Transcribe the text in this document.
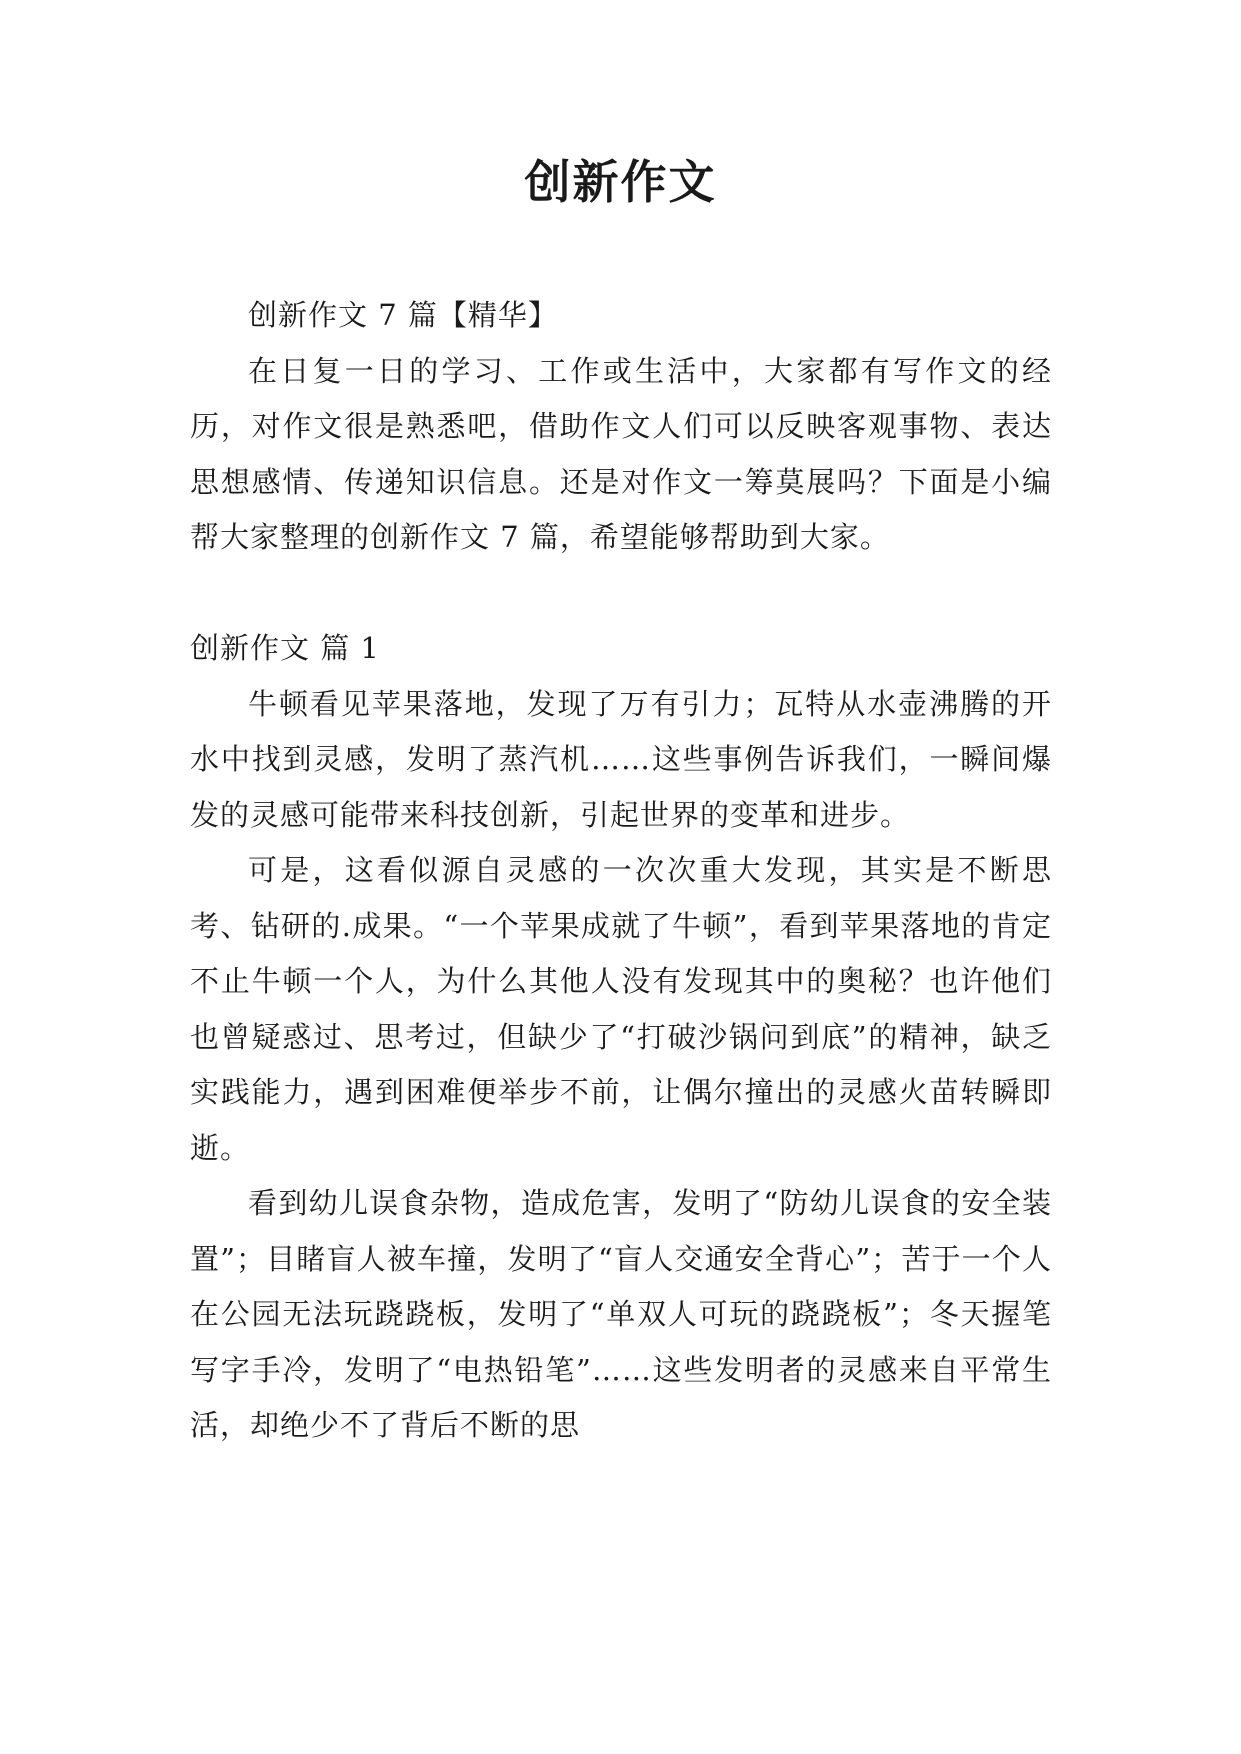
创新作文

创新作文 7 篇【精华】

在日复一日的学习、工作或生活中，大家都有写作文的经历，对作文很是熟悉吧，借助作文人们可以反映客观事物、表达思想感情、传递知识信息。还是对作文一筹莫展吗？下面是小编帮大家整理的创新作文 7 篇，希望能够帮助到大家。

创新作文 篇 1

牛顿看见苹果落地，发现了万有引力；瓦特从水壶沸腾的开水中找到灵感，发明了蒸汽机……这些事例告诉我们，一瞬间爆发的灵感可能带来科技创新，引起世界的变革和进步。

可是，这看似源自灵感的一次次重大发现，其实是不断思考、钻研的.成果。“一个苹果成就了牛顿”，看到苹果落地的肯定不止牛顿一个人，为什么其他人没有发现其中的奥秘？也许他们也曾疑惑过、思考过，但缺少了“打破沙锅问到底”的精神，缺乏实践能力，遇到困难便举步不前，让偶尔撞出的灵感火苗转瞬即逝。

看到幼儿误食杂物，造成危害，发明了“防幼儿误食的安全装置”；目睹盲人被车撞，发明了“盲人交通安全背心”；苦于一个人在公园无法玩跷跷板，发明了“单双人可玩的跷跷板”；冬天握笔写字手冷，发明了“电热铅笔”……这些发明者的灵感来自平常生活，却绝少不了背后不断的思
